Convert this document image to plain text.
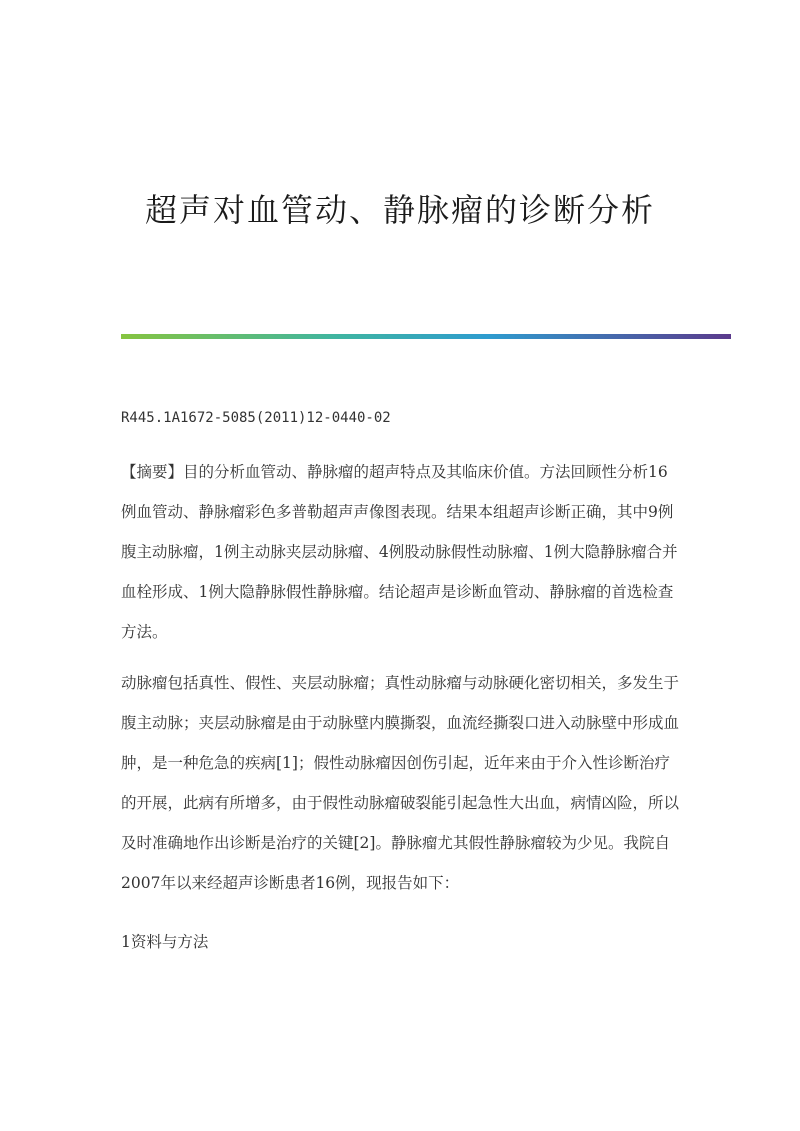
超声对血管动、静脉瘤的诊断分析
R445.1A1672-5085(2011)12-0440-02

【摘要】目的分析血管动、静脉瘤的超声特点及其临床价值。方法回顾性分析16例血管动、静脉瘤彩色多普勒超声声像图表现。结果本组超声诊断正确，其中9例腹主动脉瘤，1例主动脉夹层动脉瘤、4例股动脉假性动脉瘤、1例大隐静脉瘤合并血栓形成、1例大隐静脉假性静脉瘤。结论超声是诊断血管动、静脉瘤的首选检查方法。

动脉瘤包括真性、假性、夹层动脉瘤；真性动脉瘤与动脉硬化密切相关，多发生于腹主动脉；夹层动脉瘤是由于动脉壁内膜撕裂，血流经撕裂口进入动脉壁中形成血肿，是一种危急的疾病[1]；假性动脉瘤因创伤引起，近年来由于介入性诊断治疗的开展，此病有所增多，由于假性动脉瘤破裂能引起急性大出血，病情凶险，所以及时准确地作出诊断是治疗的关键[2]。静脉瘤尤其假性静脉瘤较为少见。我院自2007年以来经超声诊断患者16例，现报告如下：

1资料与方法
